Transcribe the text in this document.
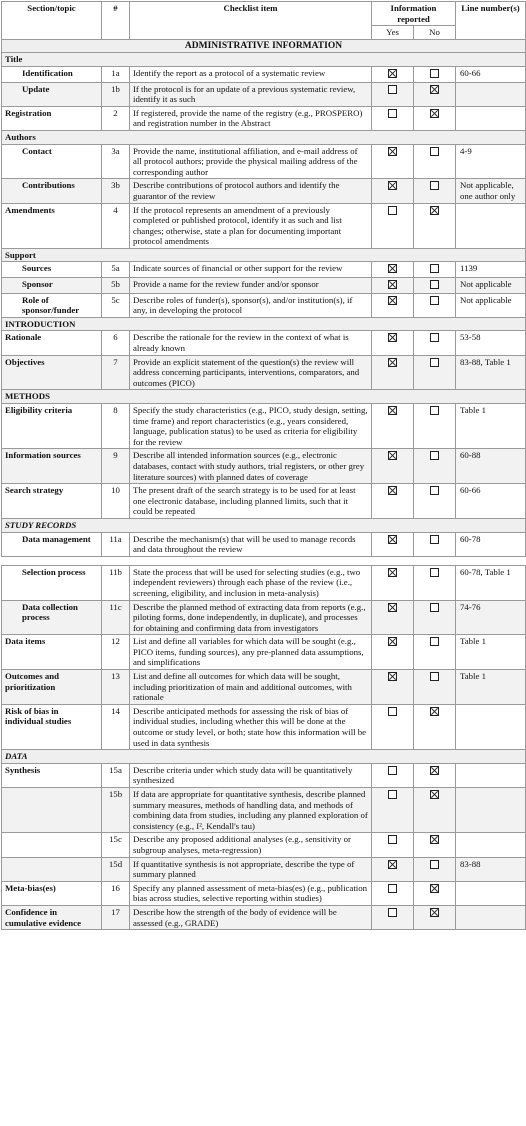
Section/topic	#	Checklist item	Information reported		Line number(s)
			Yes	No	
ADMINISTRATIVE INFORMATION					
Title					
Identification	1a	Identify the report as a protocol of a systematic review			60-66
Update	1b	If the protocol is for an update of a previous systematic review, identify it as such			
Registration	2	If registered, provide the name of the registry (e.g., PROSPERO) and registration number in the Abstract			
Authors					
Contact	3a	Provide the name, institutional affiliation, and e-mail address of all protocol authors; provide the physical mailing address of the corresponding author			4-9
Contributions	3b	Describe contributions of protocol authors and identify the guarantor of the review			Not applicable, one author only
Amendments	4	If the protocol represents an amendment of a previously completed or published protocol, identify it as such and list changes; otherwise, state a plan for documenting important protocol amendments			
Support					
Sources	5a	Indicate sources of financial or other support for the review			1139
Sponsor	5b	Provide a name for the review funder and/or sponsor			Not applicable
Role of sponsor/funder	5c	Describe roles of funder(s), sponsor(s), and/or institution(s), if any, in developing the protocol			Not applicable
INTRODUCTION					
Rationale	6	Describe the rationale for the review in the context of what is already known			53-58
Objectives	7	Provide an explicit statement of the question(s) the review will address concerning participants, interventions, comparators, and outcomes (PICO)			83-88, Table 1
METHODS					
Eligibility criteria	8	Specify the study characteristics (e.g., PICO, study design, setting, time frame) and report characteristics (e.g., years considered, language, publication status) to be used as criteria for eligibility for the review			Table 1
Information sources	9	Describe all intended information sources (e.g., electronic databases, contact with study authors, trial registers, or other grey literature sources) with planned dates of coverage			60-88
Search strategy	10	The present draft of the search strategy is to be used for at least one electronic database, including planned limits, such that it could be repeated			60-66
STUDY RECORDS					
Data management	11a	Describe the mechanism(s) that will be used to manage records and data throughout the review			60-78

Selection process	11b	State the process that will be used for selecting studies (e.g., two independent reviewers) through each phase of the review (i.e., screening, eligibility, and inclusion in meta-analysis)			60-78, Table 1
Data collection process	11c	Describe the planned method of extracting data from reports (e.g., piloting forms, done independently, in duplicate), and processes for obtaining and confirming data from investigators			74-76
Data items	12	List and define all variables for which data will be sought (e.g., PICO items, funding sources), any pre-planned data assumptions, and simplifications			Table 1
Outcomes and prioritization	13	List and define all outcomes for which data will be sought, including prioritization of main and additional outcomes, with rationale			Table 1
Risk of bias in individual studies	14	Describe anticipated methods for assessing the risk of bias of individual studies, including whether this will be done at the outcome or study level, or both; state how this information will be used in data synthesis			
DATA					
Synthesis	15a	Describe criteria under which study data will be quantitatively synthesized			
	15b	If data are appropriate for quantitative synthesis, describe planned summary measures, methods of handling data, and methods of combining data from studies, including any planned exploration of consistency (e.g., I², Kendall's tau)			
	15c	Describe any proposed additional analyses (e.g., sensitivity or subgroup analyses, meta-regression)			
	15d	If quantitative synthesis is not appropriate, describe the type of summary planned			83-88
Meta-bias(es)	16	Specify any planned assessment of meta-bias(es) (e.g., publication bias across studies, selective reporting within studies)			
Confidence in cumulative evidence	17	Describe how the strength of the body of evidence will be assessed (e.g., GRADE)			
